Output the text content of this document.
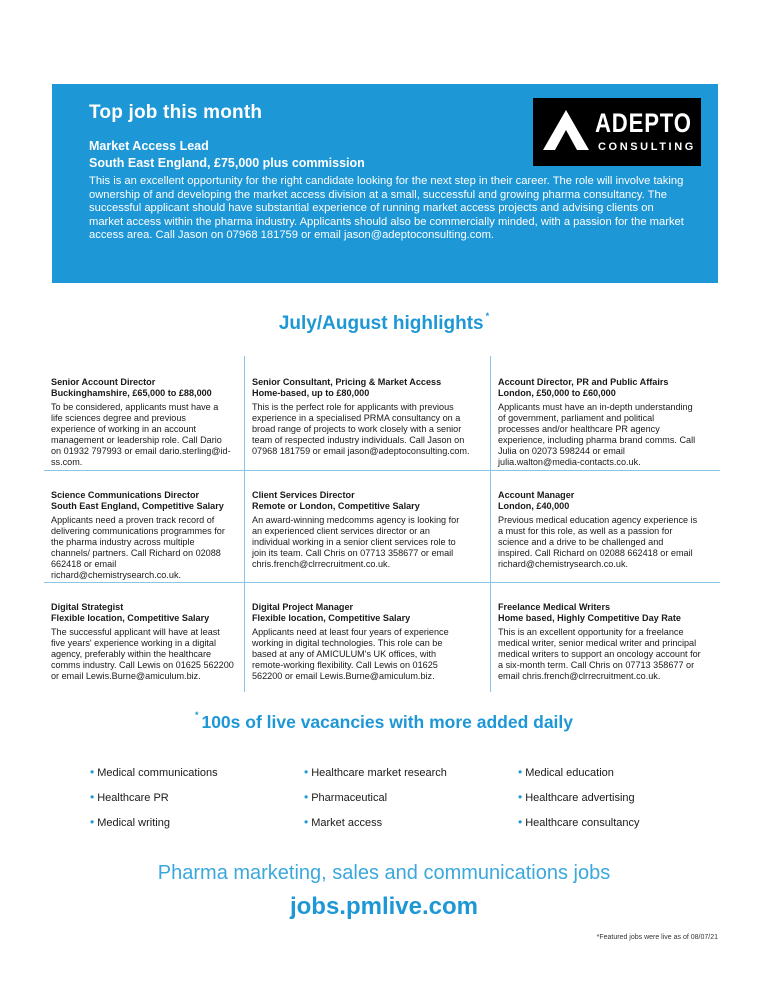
Top job this month
Market Access Lead
South East England, £75,000 plus commission
This is an excellent opportunity for the right candidate looking for the next step in their career. The role will involve taking ownership of and developing the market access division at a small, successful and growing pharma consultancy. The successful applicant should have substantial experience of running market access projects and advising clients on market access within the pharma industry. Applicants should also be commercially minded, with a passion for the market access area. Call Jason on 07968 181759 or email jason@adeptoconsulting.com.
ADEPTO
CONSULTING
July/August highlights *
Senior Account Director
Buckinghamshire, £65,000 to £88,000
To be considered, applicants must have a life sciences degree and previous experience of working in an account management or leadership role. Call Dario on 01932 797993 or email dario.sterling@id-ss.com.
Senior Consultant, Pricing & Market Access
Home-based, up to £80,000
This is the perfect role for applicants with previous experience in a specialised PRMA consultancy on a broad range of projects to work closely with a senior team of respected industry individuals. Call Jason on 07968 181759 or email jason@adeptoconsulting.com.
Account Director, PR and Public Affairs
London, £50,000 to £60,000
Applicants must have an in-depth understanding of government, parliament and political processes and/or healthcare PR agency experience, including pharma brand comms. Call Julia on 02073 598244 or email julia.walton@media-contacts.co.uk.
Science Communications Director
South East England, Competitive Salary
Applicants need a proven track record of delivering communications programmes for the pharma industry across multiple channels/ partners. Call Richard on 02088 662418 or email richard@chemistrysearch.co.uk.
Client Services Director
Remote or London, Competitive Salary
An award-winning medcomms agency is looking for an experienced client services director or an individual working in a senior client services role to join its team. Call Chris on 07713 358677 or email chris.french@clrrecruitment.co.uk.
Account Manager
London, £40,000
Previous medical education agency experience is a must for this role, as well as a passion for science and a drive to be challenged and inspired. Call Richard on 02088 662418 or email richard@chemistrysearch.co.uk.
Digital Strategist
Flexible location, Competitive Salary
The successful applicant will have at least five years' experience working in a digital agency, preferably within the healthcare comms industry. Call Lewis on 01625 562200 or email Lewis.Burne@amiculum.biz.
Digital Project Manager
Flexible location, Competitive Salary
Applicants need at least four years of experience working in digital technologies. This role can be based at any of AMICULUM's UK offices, with remote-working flexibility. Call Lewis on 01625 562200 or email Lewis.Burne@amiculum.biz.
Freelance Medical Writers
Home based, Highly Competitive Day Rate
This is an excellent opportunity for a freelance medical writer, senior medical writer and principal medical writers to support an oncology account for a six-month term. Call Chris on 07713 358677 or email chris.french@clrrecruitment.co.uk.
* 100s of live vacancies with more added daily
• Medical communications	• Healthcare market research	• Medical education
• Healthcare PR	• Pharmaceutical	• Healthcare advertising
• Medical writing	• Market access	• Healthcare consultancy
Pharma marketing, sales and communications jobs
jobs.pmlive.com
*Featured jobs were live as of 08/07/21
